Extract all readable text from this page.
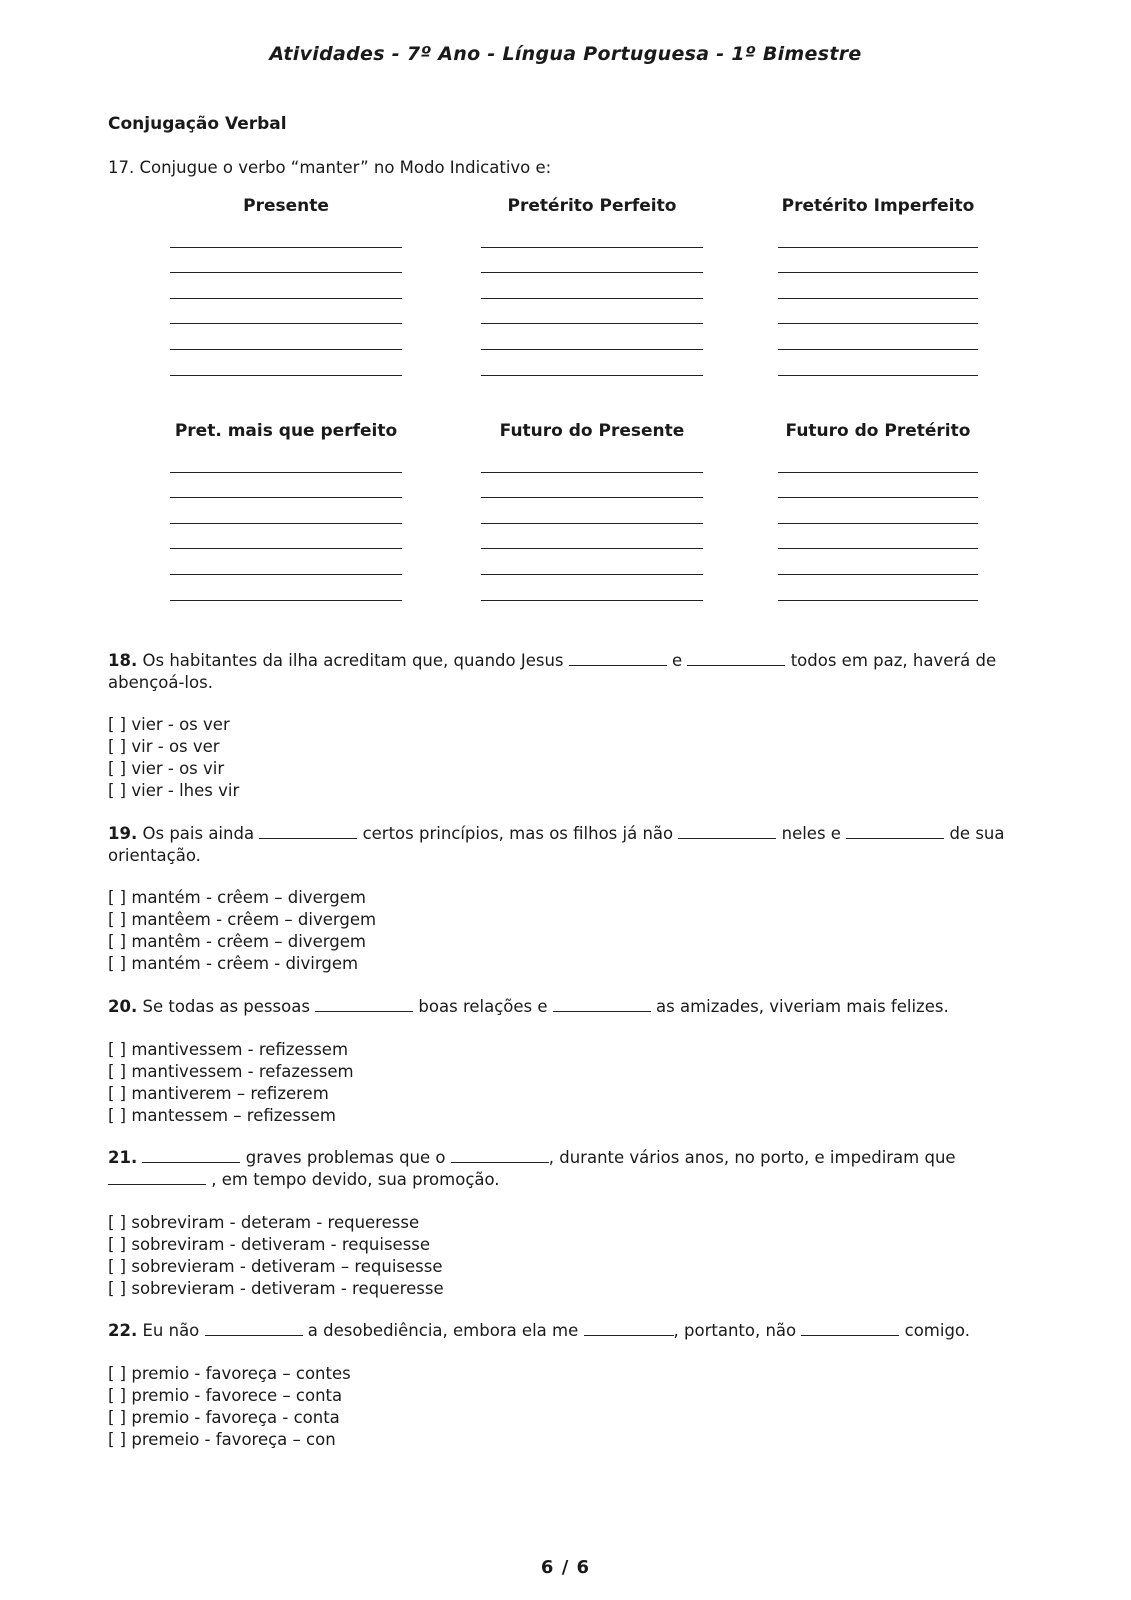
Atividades - 7º Ano - Língua Portuguesa - 1º Bimestre
Conjugação Verbal
17. Conjugue o verbo “manter” no Modo Indicativo e:
Presente	Pretérito Perfeito	Pretérito Imperfeito
Pret. mais que perfeito	Futuro do Presente	Futuro do Pretérito
18. Os habitantes da ilha acreditam que, quando Jesus	e	todos em paz, haverá de abençoá-los.
[ ] vier - os ver
[ ] vir - os ver
[ ] vier - os vir
[ ] vier - lhes vir
19. Os pais ainda	certos princípios, mas os filhos já não	neles e	de sua orientação.
[ ] mantém - crêem – divergem
[ ] mantêem - crêem – divergem
[ ] mantêm - crêem – divergem
[ ] mantém - crêem - divirgem
20. Se todas as pessoas	boas relações e	as amizades, viveriam mais felizes.
[ ] mantivessem - refizessem
[ ] mantivessem - refazessem
[ ] mantiverem – refizerem
[ ] mantessem – refizessem
21.	graves problemas que o	, durante vários anos, no porto, e impediram que  , em tempo devido, sua promoção.
[ ] sobreviram - deteram - requeresse
[ ] sobreviram - detiveram - requisesse
[ ] sobrevieram - detiveram – requisesse
[ ] sobrevieram - detiveram - requeresse
22. Eu não	a desobediência, embora ela me	, portanto, não	comigo.
[ ] premio - favoreça – contes
[ ] premio - favorece – conta
[ ] premio - favoreça - conta
[ ] premeio - favoreça – con
6 / 6
